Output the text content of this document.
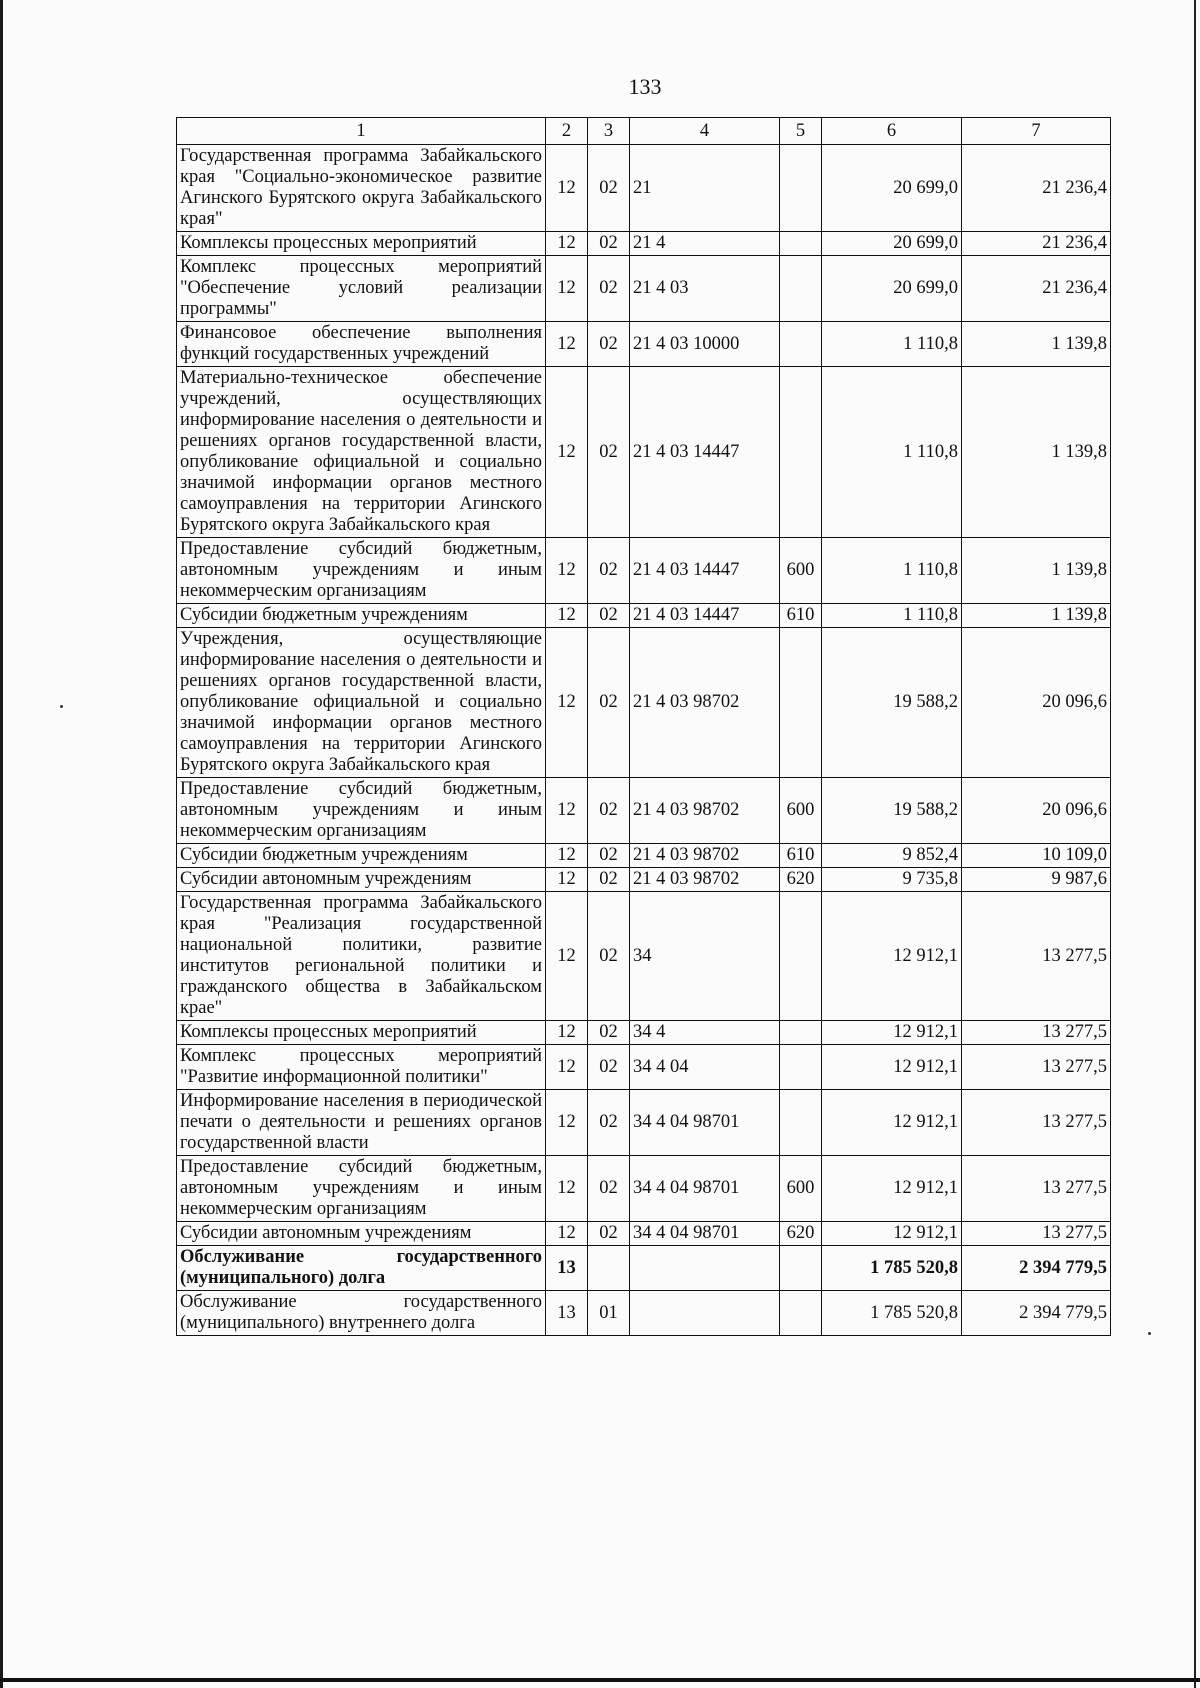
133
1	2	3	4	5	6	7
Государственная программа Забайкальского края "Социально-экономическое развитие Агинского Бурятского округа Забайкальского края"	12	02	21		20 699,0	21 236,4
Комплексы процессных мероприятий	12	02	21 4		20 699,0	21 236,4
Комплекс процессных мероприятий "Обеспечение условий реализации программы"	12	02	21 4 03		20 699,0	21 236,4
Финансовое обеспечение выполнения функций государственных учреждений	12	02	21 4 03 10000		1 110,8	1 139,8
Материально-техническое обеспечение учреждений, осуществляющих информирование населения о деятельности и решениях органов государственной власти, опубликование официальной и социально значимой информации органов местного самоуправления на территории Агинского Бурятского округа Забайкальского края	12	02	21 4 03 14447		1 110,8	1 139,8
Предоставление субсидий бюджетным, автономным учреждениям и иным некоммерческим организациям	12	02	21 4 03 14447	600	1 110,8	1 139,8
Субсидии бюджетным учреждениям	12	02	21 4 03 14447	610	1 110,8	1 139,8
Учреждения, осуществляющие информирование населения о деятельности и решениях органов государственной власти, опубликование официальной и социально значимой информации органов местного самоуправления на территории Агинского Бурятского округа Забайкальского края	12	02	21 4 03 98702		19 588,2	20 096,6
Предоставление субсидий бюджетным, автономным учреждениям и иным некоммерческим организациям	12	02	21 4 03 98702	600	19 588,2	20 096,6
Субсидии бюджетным учреждениям	12	02	21 4 03 98702	610	9 852,4	10 109,0
Субсидии автономным учреждениям	12	02	21 4 03 98702	620	9 735,8	9 987,6
Государственная программа Забайкальского края "Реализация государственной национальной политики, развитие институтов региональной политики и гражданского общества в Забайкальском крае"	12	02	34		12 912,1	13 277,5
Комплексы процессных мероприятий	12	02	34 4		12 912,1	13 277,5
Комплекс процессных мероприятий "Развитие информационной политики"	12	02	34 4 04		12 912,1	13 277,5
Информирование населения в периодической печати о деятельности и решениях органов государственной власти	12	02	34 4 04 98701		12 912,1	13 277,5
Предоставление субсидий бюджетным, автономным учреждениям и иным некоммерческим организациям	12	02	34 4 04 98701	600	12 912,1	13 277,5
Субсидии автономным учреждениям	12	02	34 4 04 98701	620	12 912,1	13 277,5
Обслуживание государственного (муниципального) долга	13				1 785 520,8	2 394 779,5
Обслуживание государственного (муниципального) внутреннего долга	13	01			1 785 520,8	2 394 779,5
